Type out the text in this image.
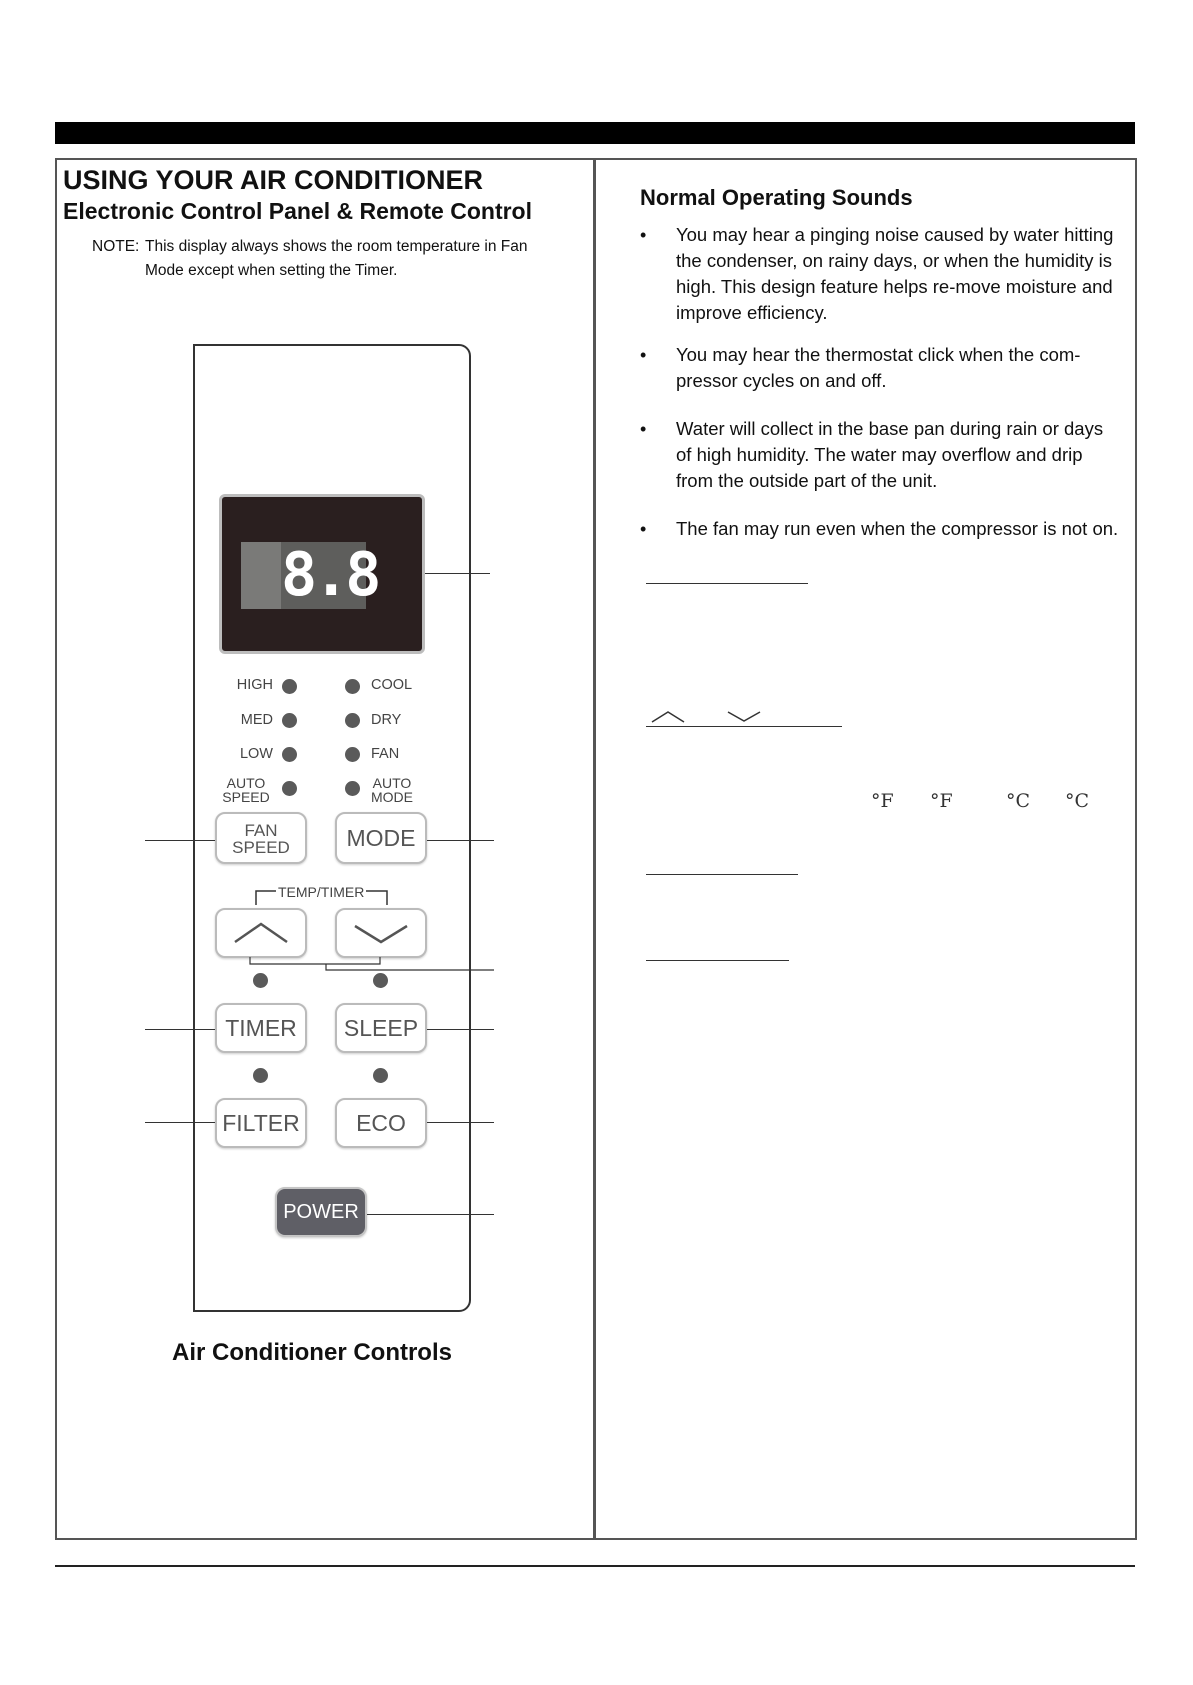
USING YOUR AIR CONDITIONER
Electronic Control Panel & Remote Control
NOTE: This display always shows the room temperature in Fan
Mode except when setting the Timer.
8.8
HIGH
MED
LOW
AUTO
SPEED
COOL
DRY
FAN
AUTO
MODE
FAN
SPEED	MODE
TEMP/TIMER
TIMER	SLEEP
FILTER	ECO
POWER
Air Conditioner Controls
Normal Operating Sounds
• You may hear a pinging noise caused by water hitting the condenser, on rainy days, or when the humidity is high. This design feature helps re-move moisture and improve efficiency.
• You may hear the thermostat click when the com-pressor cycles on and off.
• Water will collect in the base pan during rain or days of high humidity. The water may overflow and drip from the outside part of the unit.
• The fan may run even when the compressor is not on.
°F °F	°C °C
